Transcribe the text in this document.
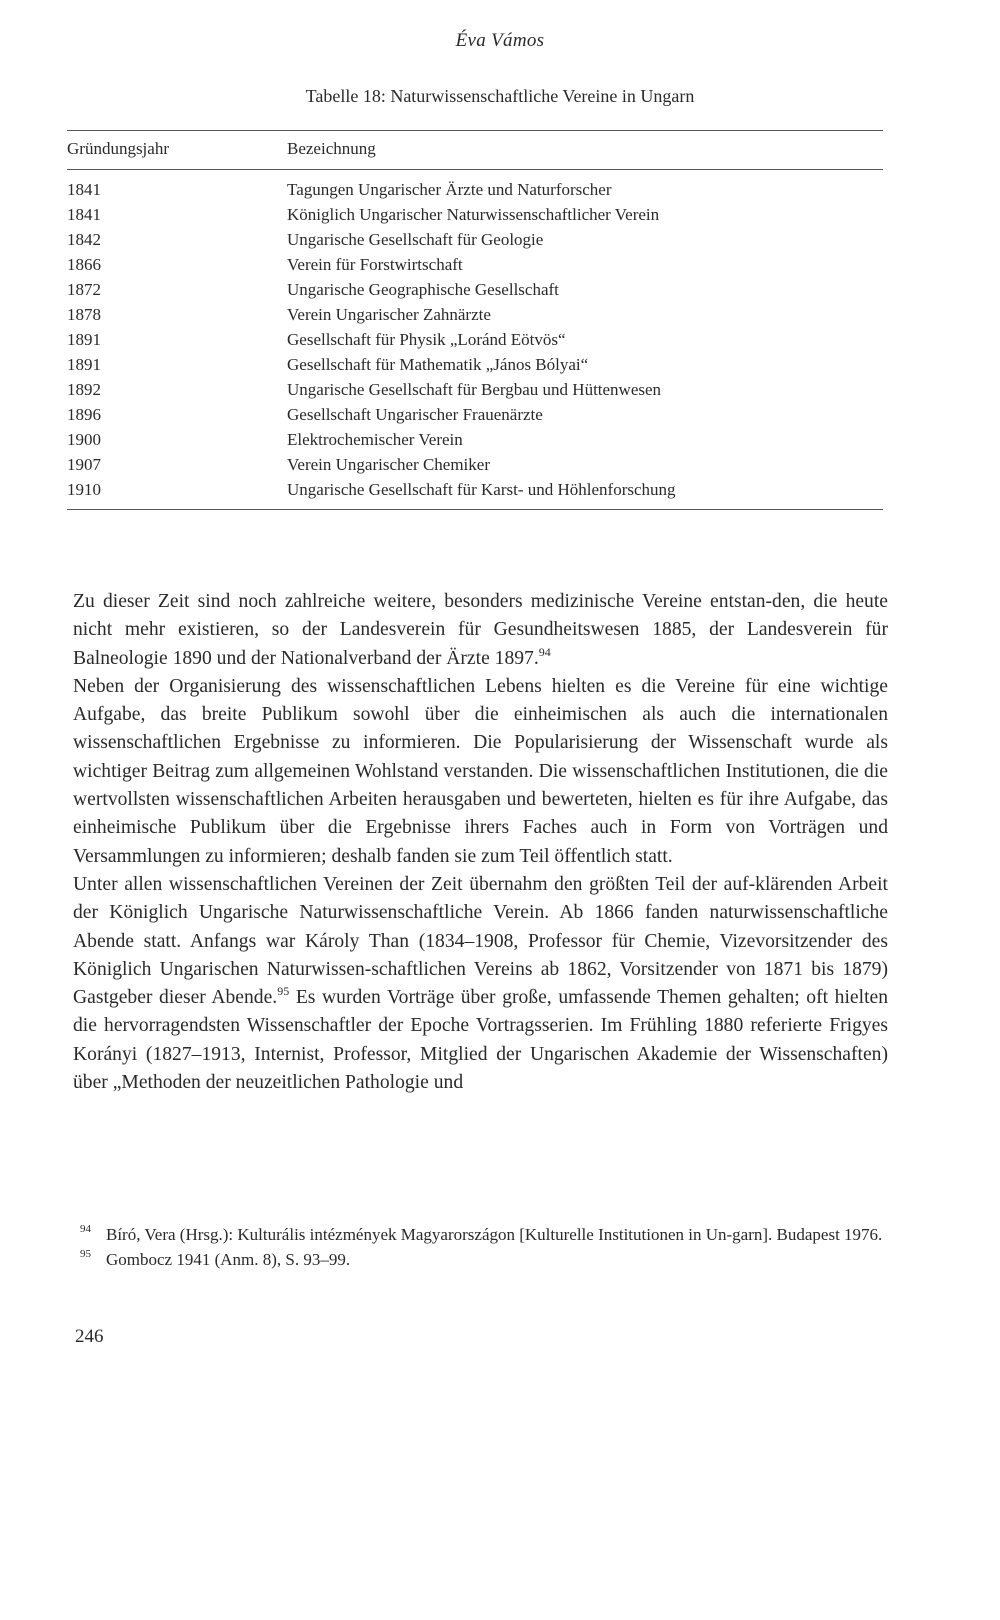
Éva Vámos
Tabelle 18: Naturwissenschaftliche Vereine in Ungarn
Gründungsjahr	Bezeichnung
1841	Tagungen Ungarischer Ärzte und Naturforscher
1841	Königlich Ungarischer Naturwissenschaftlicher Verein
1842	Ungarische Gesellschaft für Geologie
1866	Verein für Forstwirtschaft
1872	Ungarische Geographische Gesellschaft
1878	Verein Ungarischer Zahnärzte
1891	Gesellschaft für Physik „Loránd Eötvös“
1891	Gesellschaft für Mathematik „János Bólyai“
1892	Ungarische Gesellschaft für Bergbau und Hüttenwesen
1896	Gesellschaft Ungarischer Frauenärzte
1900	Elektrochemischer Verein
1907	Verein Ungarischer Chemiker
1910	Ungarische Gesellschaft für Karst- und Höhlenforschung

Zu dieser Zeit sind noch zahlreiche weitere, besonders medizinische Vereine entstan-den, die heute nicht mehr existieren, so der Landesverein für Gesundheitswesen 1885, der Landesverein für Balneologie 1890 und der Nationalverband der Ärzte 1897.94

Neben der Organisierung des wissenschaftlichen Lebens hielten es die Vereine für eine wichtige Aufgabe, das breite Publikum sowohl über die einheimischen als auch die internationalen wissenschaftlichen Ergebnisse zu informieren. Die Popularisierung der Wissenschaft wurde als wichtiger Beitrag zum allgemeinen Wohlstand verstanden. Die wissenschaftlichen Institutionen, die die wertvollsten wissenschaftlichen Arbeiten herausgaben und bewerteten, hielten es für ihre Aufgabe, das einheimische Publikum über die Ergebnisse ihrers Faches auch in Form von Vorträgen und Versammlungen zu informieren; deshalb fanden sie zum Teil öffentlich statt.

Unter allen wissenschaftlichen Vereinen der Zeit übernahm den größten Teil der auf-klärenden Arbeit der Königlich Ungarische Naturwissenschaftliche Verein. Ab 1866 fanden naturwissenschaftliche Abende statt. Anfangs war Károly Than (1834–1908, Professor für Chemie, Vizevorsitzender des Königlich Ungarischen Naturwissen-schaftlichen Vereins ab 1862, Vorsitzender von 1871 bis 1879) Gastgeber dieser Abende.$^{95}$ Es wurden Vorträge über große, umfassende Themen gehalten; oft hielten die hervorragendsten Wissenschaftler der Epoche Vortragsserien. Im Frühling 1880 referierte Frigyes Korányi (1827–1913, Internist, Professor, Mitglied der Ungarischen Akademie der Wissenschaften) über „Methoden der neuzeitlichen Pathologie und

94 Bíró, Vera (Hrsg.): Kulturális intézmények Magyarországon [Kulturelle Institutionen in Un-garn]. Budapest 1976.
95 Gombocz 1941 (Anm. 8), S. 93–99.
246
